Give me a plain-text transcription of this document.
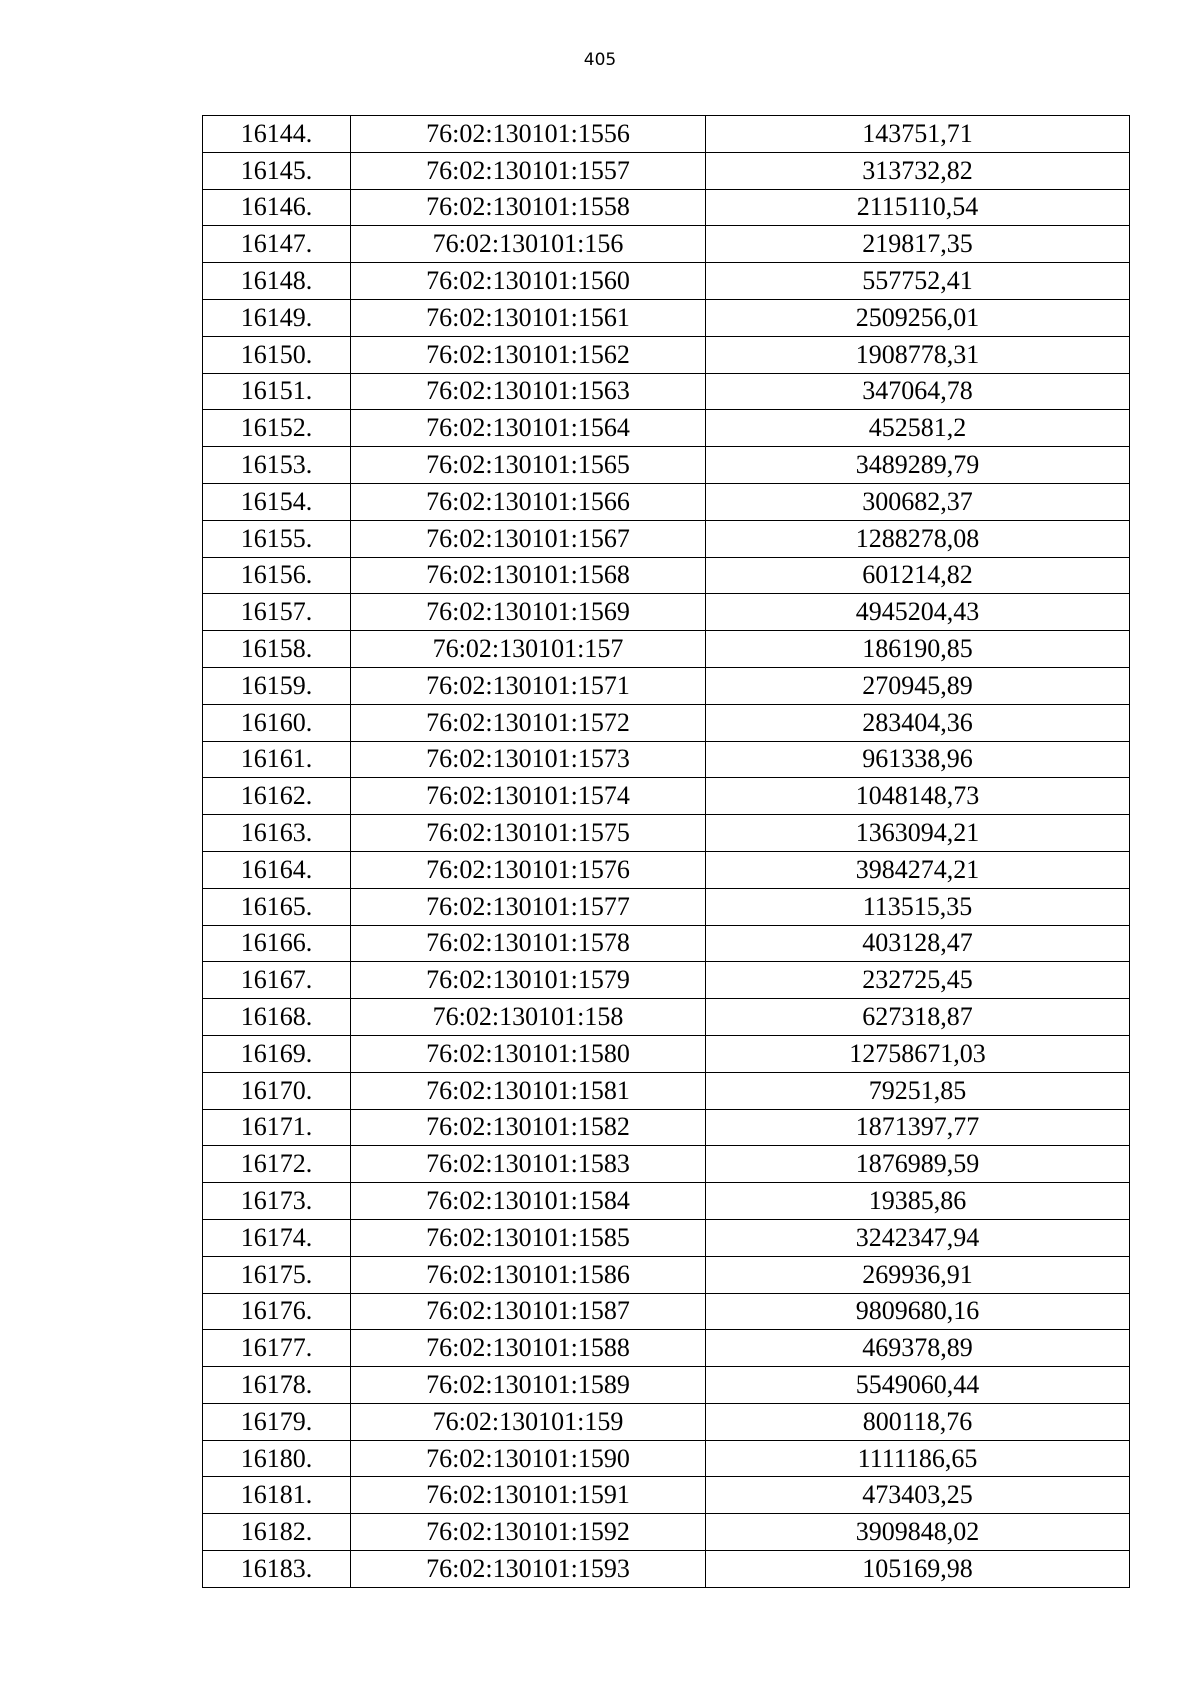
405
16144.	76:02:130101:1556	143751,71
16145.	76:02:130101:1557	313732,82
16146.	76:02:130101:1558	2115110,54
16147.	76:02:130101:156	219817,35
16148.	76:02:130101:1560	557752,41
16149.	76:02:130101:1561	2509256,01
16150.	76:02:130101:1562	1908778,31
16151.	76:02:130101:1563	347064,78
16152.	76:02:130101:1564	452581,2
16153.	76:02:130101:1565	3489289,79
16154.	76:02:130101:1566	300682,37
16155.	76:02:130101:1567	1288278,08
16156.	76:02:130101:1568	601214,82
16157.	76:02:130101:1569	4945204,43
16158.	76:02:130101:157	186190,85
16159.	76:02:130101:1571	270945,89
16160.	76:02:130101:1572	283404,36
16161.	76:02:130101:1573	961338,96
16162.	76:02:130101:1574	1048148,73
16163.	76:02:130101:1575	1363094,21
16164.	76:02:130101:1576	3984274,21
16165.	76:02:130101:1577	113515,35
16166.	76:02:130101:1578	403128,47
16167.	76:02:130101:1579	232725,45
16168.	76:02:130101:158	627318,87
16169.	76:02:130101:1580	12758671,03
16170.	76:02:130101:1581	79251,85
16171.	76:02:130101:1582	1871397,77
16172.	76:02:130101:1583	1876989,59
16173.	76:02:130101:1584	19385,86
16174.	76:02:130101:1585	3242347,94
16175.	76:02:130101:1586	269936,91
16176.	76:02:130101:1587	9809680,16
16177.	76:02:130101:1588	469378,89
16178.	76:02:130101:1589	5549060,44
16179.	76:02:130101:159	800118,76
16180.	76:02:130101:1590	1111186,65
16181.	76:02:130101:1591	473403,25
16182.	76:02:130101:1592	3909848,02
16183.	76:02:130101:1593	105169,98
